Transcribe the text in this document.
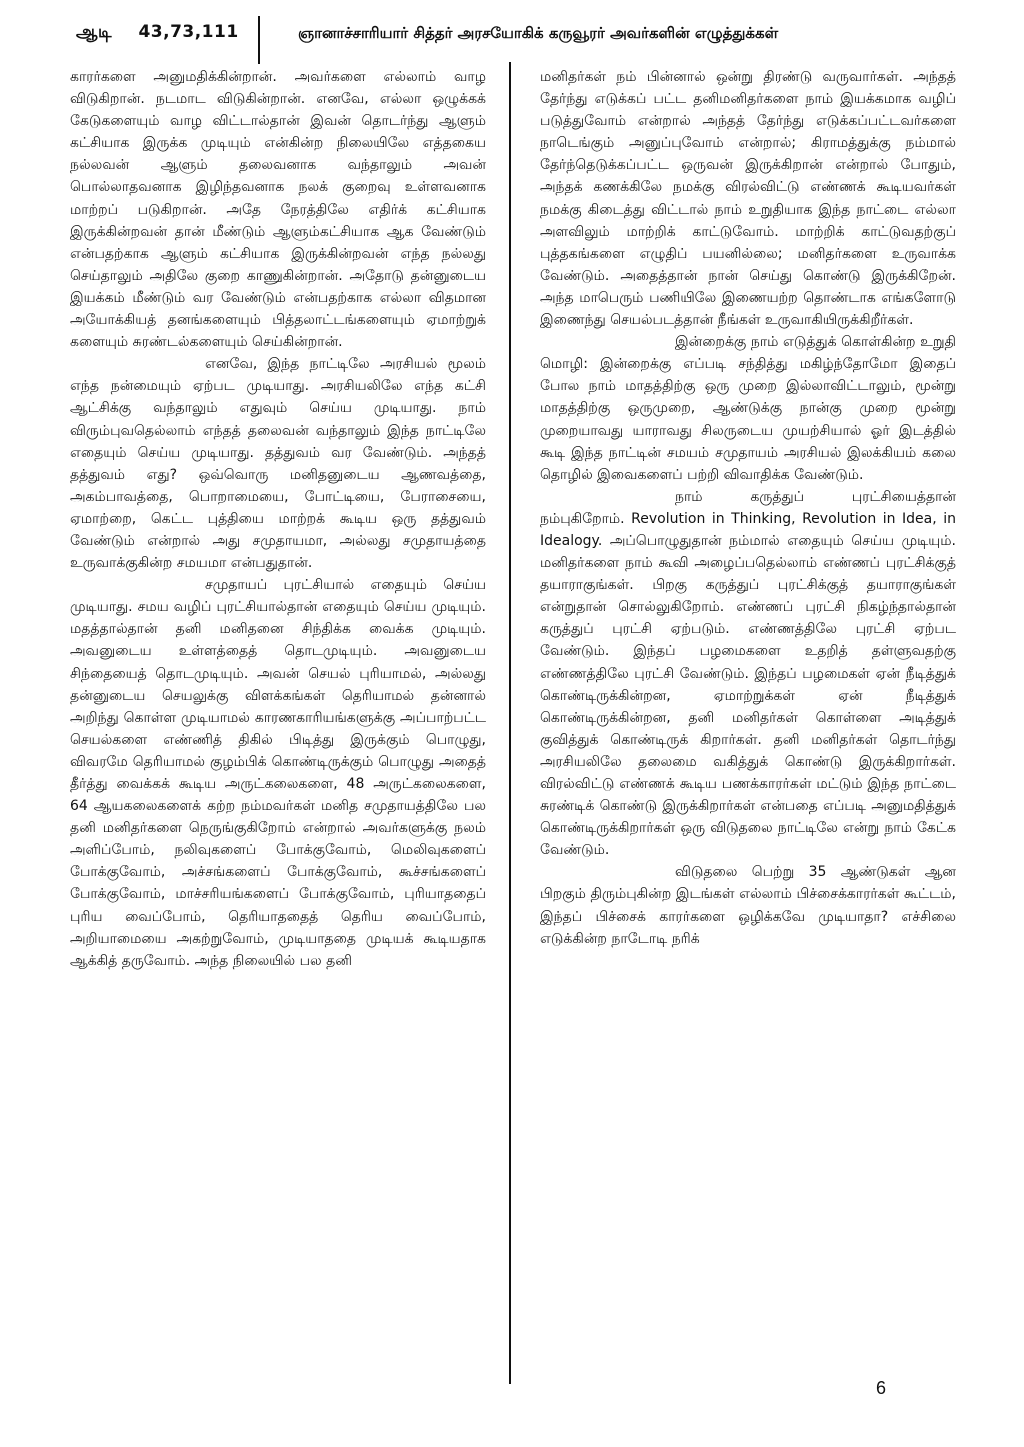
ஆடி 43,73,111	ஞானாச்சாரியார் சித்தர் அரசயோகிக் கருவூரர் அவர்களின் எழுத்துக்கள்

காரர்களை அனுமதிக்கின்றான். அவர்களை எல்லாம் வாழ விடுகிறான். நடமாட விடுகின்றான். எனவே, எல்லா ஒழுக்கக் கேடுகளையும் வாழ விட்டால்தான் இவன் தொடர்ந்து ஆளும் கட்சியாக இருக்க முடியும் என்கின்ற நிலையிலே எத்தகைய நல்லவன் ஆளும் தலைவனாக வந்தாலும் அவன் பொல்லாதவனாக இழிந்தவனாக நலக் குறைவு உள்ளவனாக மாற்றப் படுகிறான். அதே நேரத்திலே எதிர்க் கட்சியாக இருக்கின்றவன் தான் மீண்டும் ஆளும்கட்சியாக ஆக வேண்டும் என்பதற்காக ஆளும் கட்சியாக இருக்கின்றவன் எந்த நல்லது செய்தாலும் அதிலே குறை காணுகின்றான். அதோடு தன்னுடைய இயக்கம் மீண்டும் வர வேண்டும் என்பதற்காக எல்லா விதமான அயோக்கியத் தனங்களையும் பித்தலாட்டங்களையும் ஏமாற்றுக் களையும் சுரண்டல்களையும் செய்கின்றான்.

எனவே, இந்த நாட்டிலே அரசியல் மூலம் எந்த நன்மையும் ஏற்பட முடியாது. அரசியலிலே எந்த கட்சி ஆட்சிக்கு வந்தாலும் எதுவும் செய்ய முடியாது. நாம் விரும்புவதெல்லாம் எந்தத் தலைவன் வந்தாலும் இந்த நாட்டிலே எதையும் செய்ய முடியாது. தத்துவம் வர வேண்டும். அந்தத் தத்துவம் எது? ஒவ்வொரு மனிதனுடைய ஆணவத்தை, அகம்பாவத்தை, பொறாமையை, போட்டியை, பேராசையை, ஏமாற்றை, கெட்ட புத்தியை மாற்றக் கூடிய ஒரு தத்துவம் வேண்டும் என்றால் அது சமுதாயமா, அல்லது சமுதாயத்தை உருவாக்குகின்ற சமயமா என்பதுதான்.

சமுதாயப் புரட்சியால் எதையும் செய்ய முடியாது. சமய வழிப் புரட்சியால்தான் எதையும் செய்ய முடியும். மதத்தால்தான் தனி மனிதனை சிந்திக்க வைக்க முடியும். அவனுடைய உள்ளத்தைத் தொடமுடியும். அவனுடைய சிந்தையைத் தொடமுடியும். அவன் செயல் புரியாமல், அல்லது தன்னுடைய செயலுக்கு விளக்கங்கள் தெரியாமல் தன்னால் அறிந்து கொள்ள முடியாமல் காரணகாரியங்களுக்கு அப்பாற்பட்ட செயல்களை எண்ணித் திகில் பிடித்து இருக்கும் பொழுது, விவரமே தெரியாமல் குழம்பிக் கொண்டிருக்கும் பொழுது அதைத் தீர்த்து வைக்கக் கூடிய அருட்கலைகளை, 48 அருட்கலைகளை, 64 ஆயகலைகளைக் கற்ற நம்மவர்கள் மனித சமுதாயத்திலே பல தனி மனிதர்களை நெருங்குகிறோம் என்றால் அவர்களுக்கு நலம் அளிப்போம், நலிவுகளைப் போக்குவோம், மெலிவுகளைப் போக்குவோம், அச்சங்களைப் போக்குவோம், கூச்சங்களைப் போக்குவோம், மாச்சரியங்களைப் போக்குவோம், புரியாததைப் புரிய வைப்போம், தெரியாததைத் தெரிய வைப்போம், அறியாமையை அகற்றுவோம், முடியாததை முடியக் கூடியதாக ஆக்கித் தருவோம். அந்த நிலையில் பல தனி

மனிதர்கள் நம் பின்னால் ஒன்று திரண்டு வருவார்கள். அந்தத் தேர்ந்து எடுக்கப் பட்ட தனிமனிதர்களை நாம் இயக்கமாக வழிப் படுத்துவோம் என்றால் அந்தத் தேர்ந்து எடுக்கப்பட்டவர்களை நாடெங்கும் அனுப்புவோம் என்றால்; கிராமத்துக்கு நம்மால் தேர்ந்தெடுக்கப்பட்ட ஒருவன் இருக்கிறான் என்றால் போதும், அந்தக் கணக்கிலே நமக்கு விரல்விட்டு எண்ணக் கூடியவர்கள் நமக்கு கிடைத்து விட்டால் நாம் உறுதியாக இந்த நாட்டை எல்லா அளவிலும் மாற்றிக் காட்டுவோம். மாற்றிக் காட்டுவதற்குப் புத்தகங்களை எழுதிப் பயனில்லை; மனிதர்களை உருவாக்க வேண்டும். அதைத்தான் நான் செய்து கொண்டு இருக்கிறேன். அந்த மாபெரும் பணியிலே இணையற்ற தொண்டாக எங்களோடு இணைந்து செயல்படத்தான் நீங்கள் உருவாகியிருக்கிறீர்கள்.

இன்றைக்கு நாம் எடுத்துக் கொள்கின்ற உறுதி மொழி: இன்றைக்கு எப்படி சந்தித்து மகிழ்ந்தோமோ இதைப் போல நாம் மாதத்திற்கு ஒரு முறை இல்லாவிட்டாலும், மூன்று மாதத்திற்கு ஒருமுறை, ஆண்டுக்கு நான்கு முறை மூன்று முறையாவது யாராவது சிலருடைய முயற்சியால் ஓர் இடத்தில் கூடி இந்த நாட்டின் சமயம் சமுதாயம் அரசியல் இலக்கியம் கலை தொழில் இவைகளைப் பற்றி விவாதிக்க வேண்டும்.

நாம் கருத்துப் புரட்சியைத்தான் நம்புகிறோம். Revolution in Thinking, Revolution in Idea, in Idealogy. அப்பொழுதுதான் நம்மால் எதையும் செய்ய முடியும். மனிதர்களை நாம் கூவி அழைப்பதெல்லாம் எண்ணப் புரட்சிக்குத் தயாராகுங்கள். பிறகு கருத்துப் புரட்சிக்குத் தயாராகுங்கள் என்றுதான் சொல்லுகிறோம். எண்ணப் புரட்சி நிகழ்ந்தால்தான் கருத்துப் புரட்சி ஏற்படும். எண்ணத்திலே புரட்சி ஏற்பட வேண்டும். இந்தப் பழமைகளை உதறித் தள்ளுவதற்கு எண்ணத்திலே புரட்சி வேண்டும். இந்தப் பழமைகள் ஏன் நீடித்துக் கொண்டிருக்கின்றன, ஏமாற்றுக்கள் ஏன் நீடித்துக் கொண்டிருக்கின்றன, தனி மனிதர்கள் கொள்ளை அடித்துக் குவித்துக் கொண்டிருக் கிறார்கள். தனி மனிதர்கள் தொடர்ந்து அரசியலிலே தலைமை வகித்துக் கொண்டு இருக்கிறார்கள். விரல்விட்டு எண்ணக் கூடிய பணக்காரர்கள் மட்டும் இந்த நாட்டை சுரண்டிக் கொண்டு இருக்கிறார்கள் என்பதை எப்படி அனுமதித்துக் கொண்டிருக்கிறார்கள் ஒரு விடுதலை நாட்டிலே என்று நாம் கேட்க வேண்டும்.

விடுதலை பெற்று 35 ஆண்டுகள் ஆன பிறகும் திரும்புகின்ற இடங்கள் எல்லாம் பிச்சைக்காரர்கள் கூட்டம், இந்தப் பிச்சைக் காரர்களை ஒழிக்கவே முடியாதா? எச்சிலை எடுக்கின்ற நாடோடி நரிக்

6
